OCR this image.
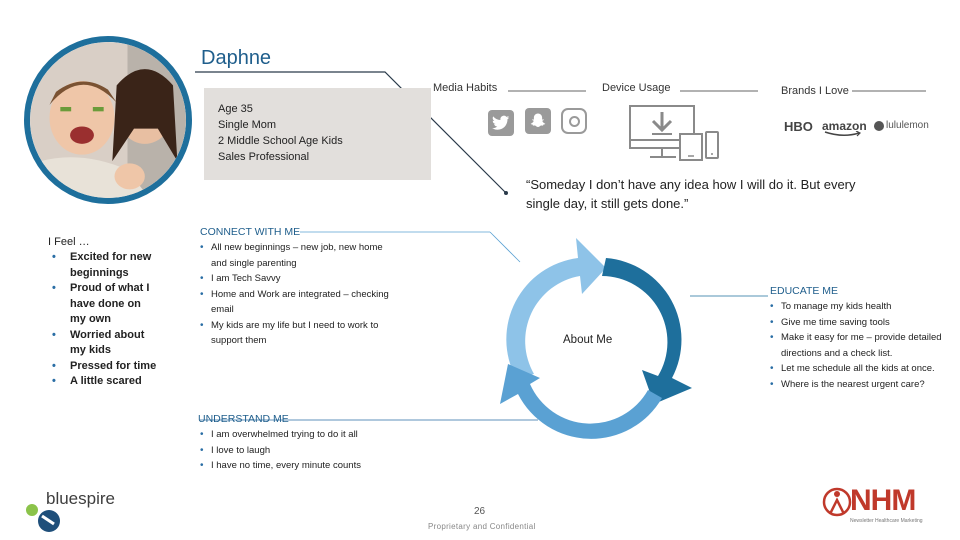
Daphne
Media Habits	Device Usage	Brands I Love
Age 35
Single Mom
2 Middle School Age Kids
Sales Professional
HBO amazon lululemon
“Someday I don’t have any idea how I will do it. But every single day, it still gets done.”
I Feel …
• Excited for new beginnings
• Proud of what I have done on my own
• Worried about my kids
• Pressed for time
• A little scared
CONNECT WITH ME
• All new beginnings – new job, new home and single parenting
• I am Tech Savvy
• Home and Work are integrated – checking email
• My kids are my life but I need to work to support them	About Me
EDUCATE ME
• To manage my kids health
• Give me time saving tools
• Make it easy for me – provide detailed directions and a check list.
• Let me schedule all the kids at once.
• Where is the nearest urgent care?
UNDERSTAND ME
• I am overwhelmed trying to do it all
• I love to laugh
• I have no time, every minute counts
bluespire
26
Proprietary and Confidential
NHM
Newsletter Healthcare Marketing
